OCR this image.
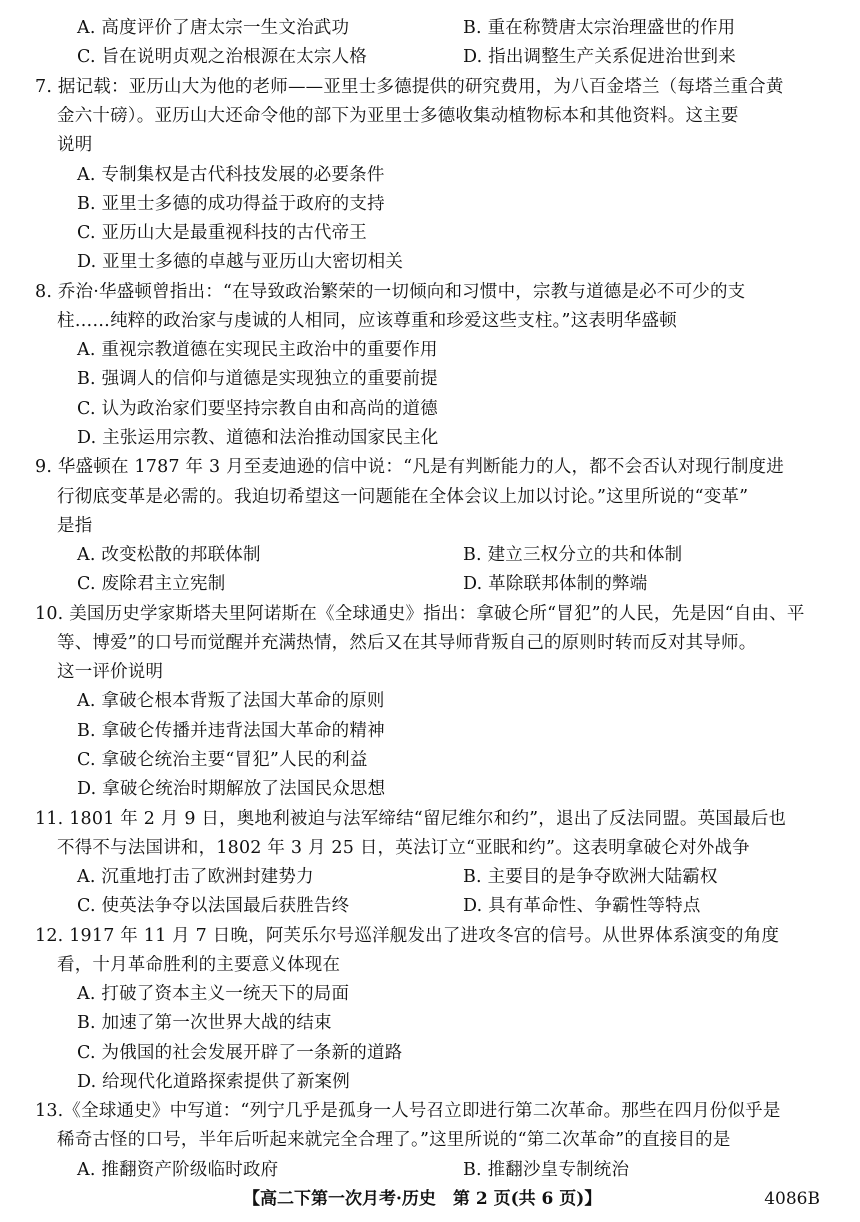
A. 高度评价了唐太宗一生文治武功	B. 重在称赞唐太宗治理盛世的作用
C. 旨在说明贞观之治根源在太宗人格	D. 指出调整生产关系促进治世到来
7. 据记载：亚历山大为他的老师——亚里士多德提供的研究费用，为八百金塔兰（每塔兰重合黄
金六十磅）。亚历山大还命令他的部下为亚里士多德收集动植物标本和其他资料。这主要
说明
A. 专制集权是古代科技发展的必要条件
B. 亚里士多德的成功得益于政府的支持
C. 亚历山大是最重视科技的古代帝王
D. 亚里士多德的卓越与亚历山大密切相关
8. 乔治·华盛顿曾指出：“在导致政治繁荣的一切倾向和习惯中，宗教与道德是必不可少的支
柱……纯粹的政治家与虔诚的人相同，应该尊重和珍爱这些支柱。”这表明华盛顿
A. 重视宗教道德在实现民主政治中的重要作用
B. 强调人的信仰与道德是实现独立的重要前提
C. 认为政治家们要坚持宗教自由和高尚的道德
D. 主张运用宗教、道德和法治推动国家民主化
9. 华盛顿在 1787 年 3 月至麦迪逊的信中说：“凡是有判断能力的人，都不会否认对现行制度进
行彻底变革是必需的。我迫切希望这一问题能在全体会议上加以讨论。”这里所说的“变革”
是指
A. 改变松散的邦联体制	B. 建立三权分立的共和体制
C. 废除君主立宪制	D. 革除联邦体制的弊端
10. 美国历史学家斯塔夫里阿诺斯在《全球通史》指出：拿破仑所“冒犯”的人民，先是因“自由、平
等、博爱”的口号而觉醒并充满热情，然后又在其导师背叛自己的原则时转而反对其导师。
这一评价说明
A. 拿破仑根本背叛了法国大革命的原则
B. 拿破仑传播并违背法国大革命的精神
C. 拿破仑统治主要“冒犯”人民的利益
D. 拿破仑统治时期解放了法国民众思想
11. 1801 年 2 月 9 日，奥地利被迫与法军缔结“留尼维尔和约”，退出了反法同盟。英国最后也
不得不与法国讲和，1802 年 3 月 25 日，英法订立“亚眠和约”。这表明拿破仑对外战争
A. 沉重地打击了欧洲封建势力	B. 主要目的是争夺欧洲大陆霸权
C. 使英法争夺以法国最后获胜告终	D. 具有革命性、争霸性等特点
12. 1917 年 11 月 7 日晚，阿芙乐尔号巡洋舰发出了进攻冬宫的信号。从世界体系演变的角度
看，十月革命胜利的主要意义体现在
A. 打破了资本主义一统天下的局面
B. 加速了第一次世界大战的结束
C. 为俄国的社会发展开辟了一条新的道路
D. 给现代化道路探索提供了新案例
13.《全球通史》中写道：“列宁几乎是孤身一人号召立即进行第二次革命。那些在四月份似乎是
稀奇古怪的口号，半年后听起来就完全合理了。”这里所说的“第二次革命”的直接目的是
A. 推翻资产阶级临时政府	B. 推翻沙皇专制统治
【高二下第一次月考·历史　第 2 页(共 6 页)】	4086B
